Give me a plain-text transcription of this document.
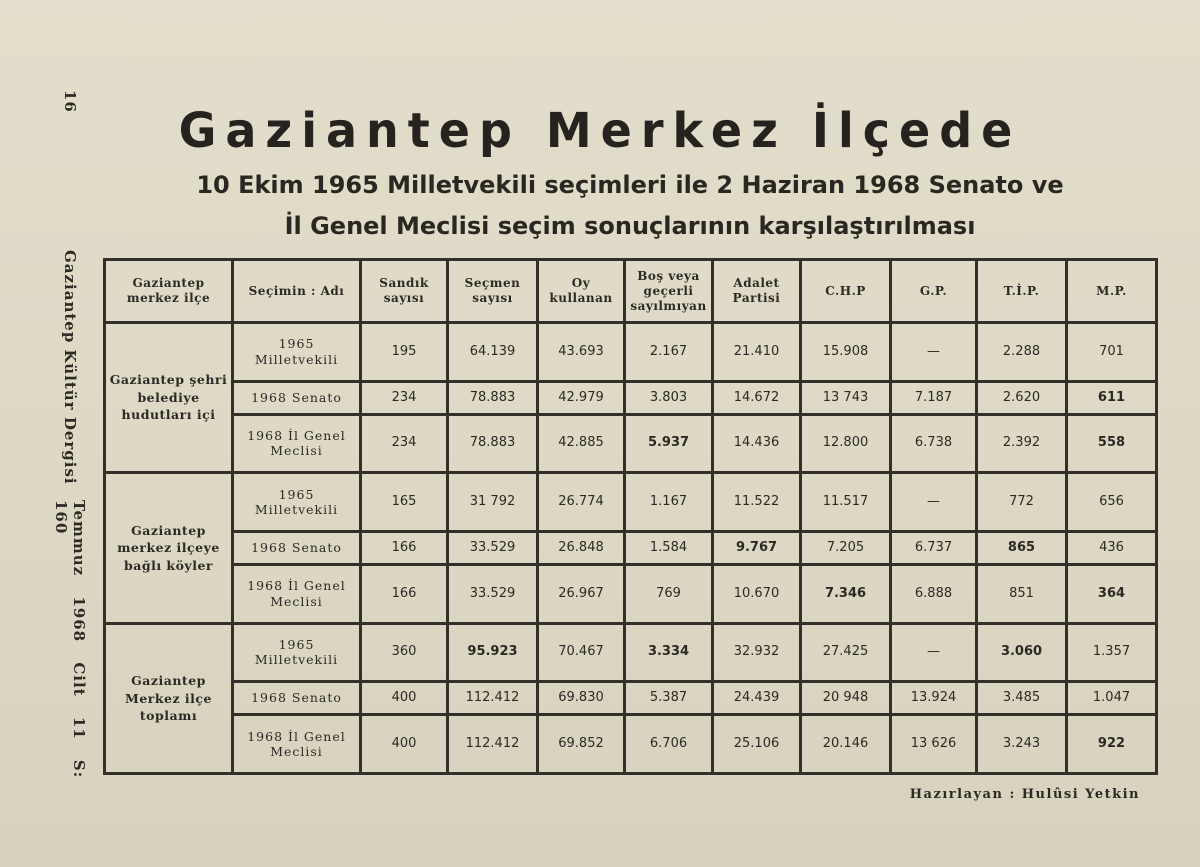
16
Gaziantep Kültür Dergisi
Temmuz 1968 Cilt 11 S: 160
Gaziantep Merkez İlçede
10 Ekim 1965 Milletvekili seçimleri ile 2 Haziran 1968 Senato ve
İl Genel Meclisi seçim sonuçlarının karşılaştırılması
Gaziantep merkez ilçe	Seçimin : Adı	Sandık sayısı	Seçmen sayısı	Oy kullanan	Boş veya geçerli sayılmıyan	Adalet Partisi	C.H.P	G.P.	T.İ.P.	M.P.
Gaziantep şehri belediye hudutları içi	1965 Milletvekili	195	64.139	43.693	2.167	21.410	15.908	—	2.288	701
	1968 Senato	234	78.883	42.979	3.803	14.672	13 743	7.187	2.620	611
	1968 İl Genel Meclisi	234	78.883	42.885	5.937	14.436	12.800	6.738	2.392	558
Gaziantep merkez ilçeye bağlı köyler	1965 Milletvekili	165	31 792	26.774	1.167	11.522	11.517	—	772	656
	1968 Senato	166	33.529	26.848	1.584	9.767	7.205	6.737	865	436
	1968 İl Genel Meclisi	166	33.529	26.967	769	10.670	7.346	6.888	851	364
Gaziantep Merkez ilçe toplamı	1965 Milletvekili	360	95.923	70.467	3.334	32.932	27.425	—	3.060	1.357
	1968 Senato	400	112.412	69.830	5.387	24.439	20 948	13.924	3.485	1.047
	1968 İl Genel Meclisi	400	112.412	69.852	6.706	25.106	20.146	13 626	3.243	922
Hazırlayan : Hulûsi Yetkin
